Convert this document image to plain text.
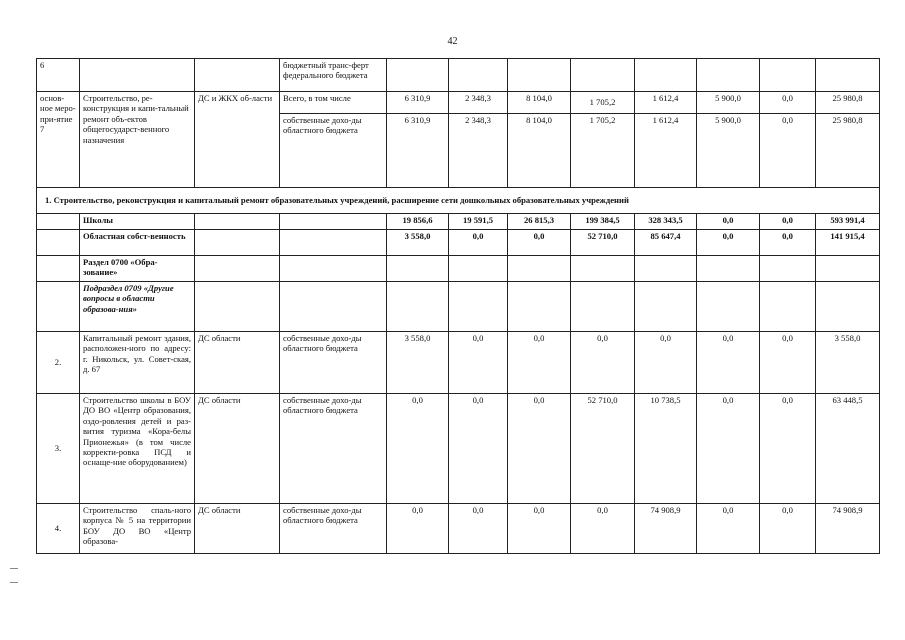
42
6			бюджетный транс-ферт федерального бюджета								
основ-ное меро-при-ятие 7	Строительство, ре-конструкция и капи-тальный ремонт объ-ектов общегосударст-венного назначения	ДС и ЖКХ об-ласти	Всего, в том числе	6 310,9	2 348,3	8 104,0	1 705,2	1 612,4	5 900,0	0,0	25 980,8
			собственные дохо-ды областного бюджета	6 310,9	2 348,3	8 104,0	1 705,2	1 612,4	5 900,0	0,0	25 980,8
1. Строительство, реконструкция и капитальный ремонт образовательных учреждений, расширение сети дошкольных образовательных учреждений											
	Школы			19 856,6	19 591,5	26 815,3	199 384,5	328 343,5	0,0	0,0	593 991,4
	Областная собст-венность			3 558,0	0,0	0,0	52 710,0	85 647,4	0,0	0,0	141 915,4
	Раздел 0700 «Обра-зование»										
	Подраздел 0709 «Другие вопросы в области образова-ния»										
2.	Капитальный ремонт здания, расположен-ного по адресу: г. Никольск, ул. Совет-ская, д. 67	ДС области	собственные дохо-ды областного бюджета	3 558,0	0,0	0,0	0,0	0,0	0,0	0,0	3 558,0
3.	Строительство школы в БОУ ДО ВО «Центр образования, оздо-ровления детей и раз-вития туризма «Кора-белы Прионежья» (в том числе корректи-ровка ПСД и оснаще-ние оборудованием)	ДС области	собственные дохо-ды областного бюджета	0,0	0,0	0,0	52 710,0	10 738,5	0,0	0,0	63 448,5
4.	Строительство спаль-ного корпуса № 5 на территории БОУ ДО ВО «Центр образова-	ДС области	собственные дохо-ды областного бюджета	0,0	0,0	0,0	0,0	74 908,9	0,0	0,0	74 908,9
